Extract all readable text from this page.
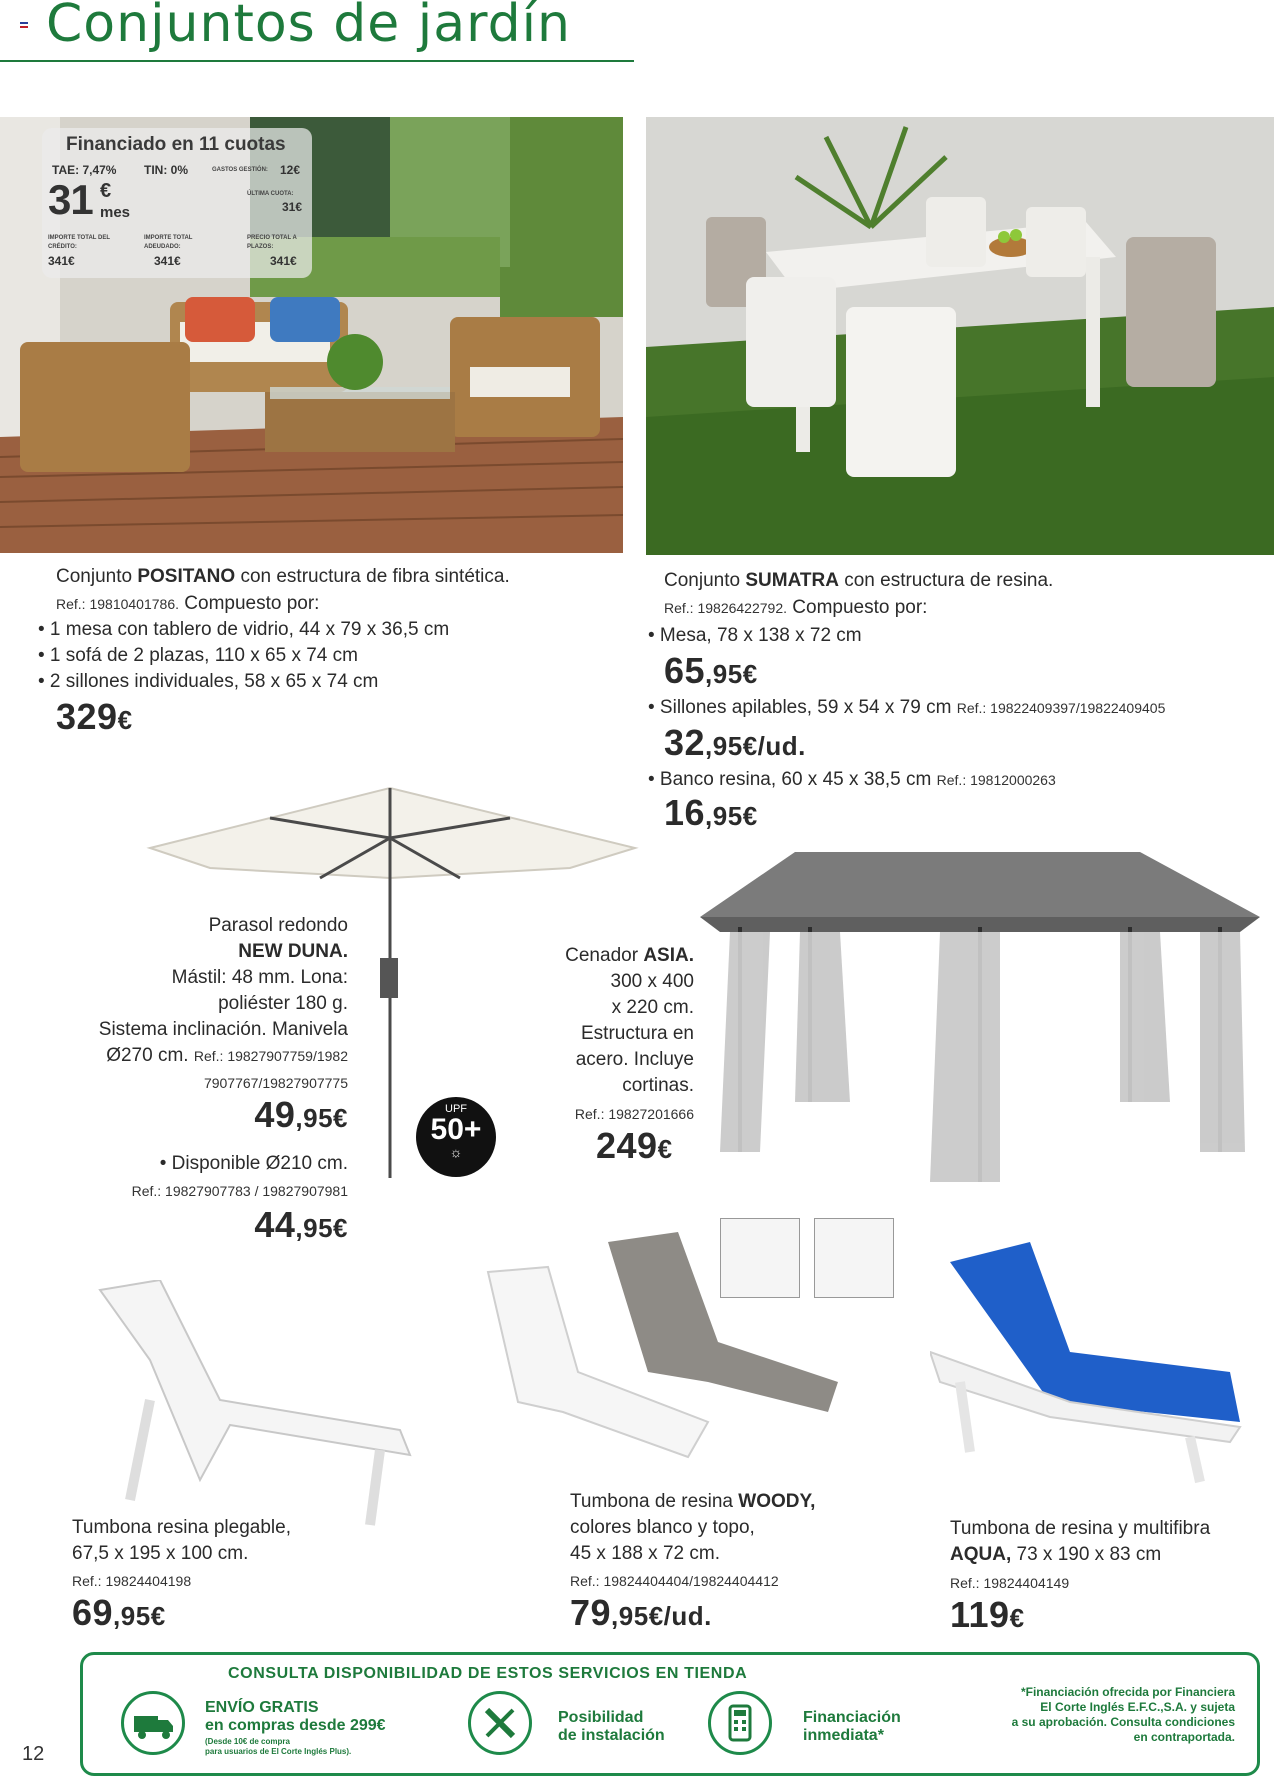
Conjuntos de jardín
Financiado en 11 cuotas
TAE: 7,47% TIN: 0%	GASTOS GESTIÓN: 12€
31 €
mes
ÚLTIMA CUOTA:
31€
IMPORTE TOTAL DEL CRÉDITO:
341€
IMPORTE TOTAL ADEUDADO:
341€
PRECIO TOTAL A PLAZOS:
341€
Conjunto POSITANO con estructura de fibra sintética.
Ref.: 19810401786. Compuesto por:
• 1 mesa con tablero de vidrio, 44 x 79 x 36,5 cm
• 1 sofá de 2 plazas, 110 x 65 x 74 cm
• 2 sillones individuales, 58 x 65 x 74 cm
329€
Conjunto SUMATRA con estructura de resina.
Ref.: 19826422792. Compuesto por:
• Mesa, 78 x 138 x 72 cm
65,95€
• Sillones apilables, 59 x 54 x 79 cm Ref.: 19822409397/19822409405
32,95€/ud.
• Banco resina, 60 x 45 x 38,5 cm Ref.: 19812000263
16,95€
UPF
50+
☼
Parasol redondo
NEW DUNA.
Mástil: 48 mm. Lona:
poliéster 180 g.
Sistema inclinación. Manivela
Ø270 cm. Ref.: 19827907759/1982
7907767/19827907775
49,95€
• Disponible Ø210 cm.
Ref.: 19827907783 / 19827907981
44,95€
Cenador ASIA.
300 x 400
x 220 cm.
Estructura en
acero. Incluye
cortinas.
Ref.: 19827201666
249€
Tumbona resina plegable,
67,5 x 195 x 100 cm.
Ref.: 19824404198
69,95€
Tumbona de resina WOODY,
colores blanco y topo,
45 x 188 x 72 cm.
Ref.: 19824404404/19824404412
79,95€/ud.
Tumbona de resina y multifibra
AQUA, 73 x 190 x 83 cm
Ref.: 19824404149
119€
CONSULTA DISPONIBILIDAD DE ESTOS SERVICIOS EN TIENDA
ENVÍO GRATIS
en compras desde 299€
(Desde 10€ de compra
para usuarios de El Corte Inglés Plus).
Posibilidad
de instalación
Financiación
inmediata*
*Financiación ofrecida por Financiera
El Corte Inglés E.F.C.,S.A. y sujeta
a su aprobación. Consulta condiciones
en contraportada.
12
